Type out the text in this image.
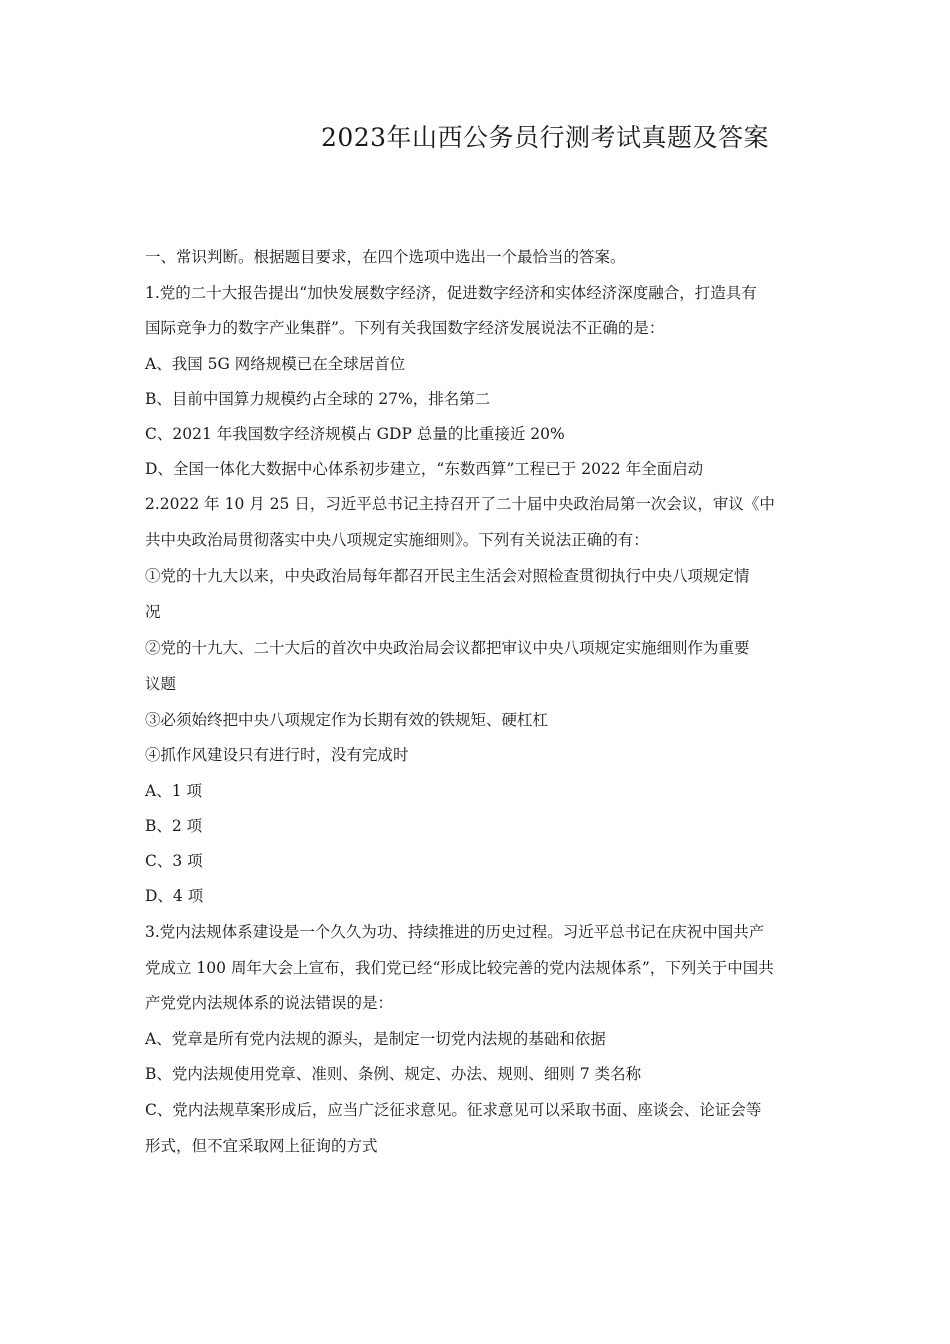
2023年山西公务员行测考试真题及答案
一、常识判断。根据题目要求，在四个选项中选出一个最恰当的答案。
1.党的二十大报告提出“加快发展数字经济，促进数字经济和实体经济深度融合，打造具有
国际竞争力的数字产业集群”。下列有关我国数字经济发展说法不正确的是：
A、我国 5G 网络规模已在全球居首位
B、目前中国算力规模约占全球的 27%，排名第二
C、2021 年我国数字经济规模占 GDP 总量的比重接近 20%
D、全国一体化大数据中心体系初步建立，“东数西算”工程已于 2022 年全面启动
2.2022 年 10 月 25 日，习近平总书记主持召开了二十届中央政治局第一次会议，审议《中
共中央政治局贯彻落实中央八项规定实施细则》。下列有关说法正确的有：
①党的十九大以来，中央政治局每年都召开民主生活会对照检查贯彻执行中央八项规定情
况
②党的十九大、二十大后的首次中央政治局会议都把审议中央八项规定实施细则作为重要
议题
③必须始终把中央八项规定作为长期有效的铁规矩、硬杠杠
④抓作风建设只有进行时，没有完成时
A、1 项
B、2 项
C、3 项
D、4 项
3.党内法规体系建设是一个久久为功、持续推进的历史过程。习近平总书记在庆祝中国共产
党成立 100 周年大会上宣布，我们党已经“形成比较完善的党内法规体系”，下列关于中国共
产党党内法规体系的说法错误的是：
A、党章是所有党内法规的源头，是制定一切党内法规的基础和依据
B、党内法规使用党章、准则、条例、规定、办法、规则、细则 7 类名称
C、党内法规草案形成后，应当广泛征求意见。征求意见可以采取书面、座谈会、论证会等
形式，但不宜采取网上征询的方式
